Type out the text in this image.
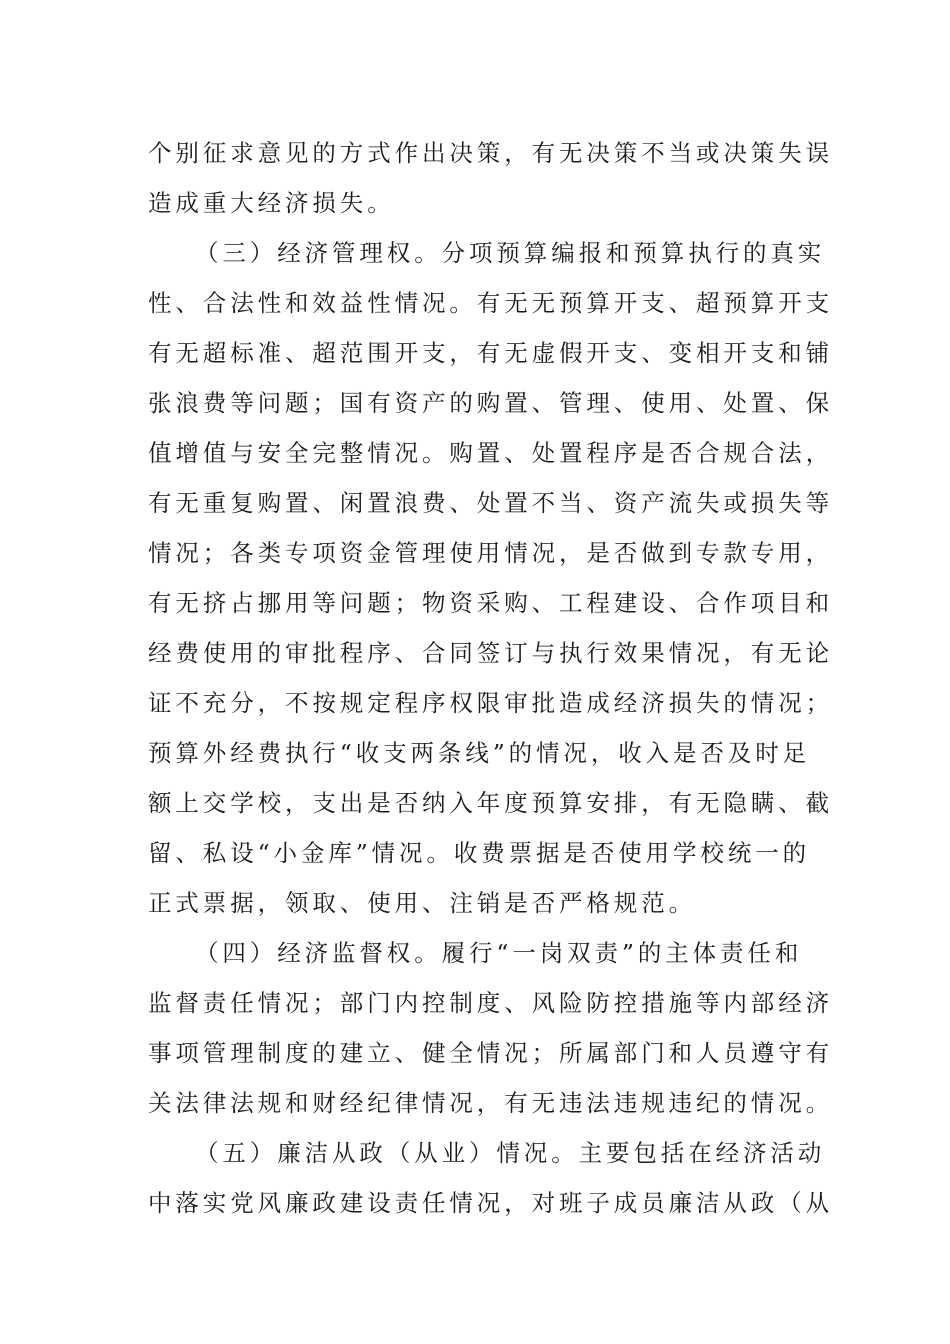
个别征求意见的方式作出决策，有无决策不当或决策失误
造成重大经济损失。
（三）经济管理权。分项预算编报和预算执行的真实
性、合法性和效益性情况。有无无预算开支、超预算开支
有无超标准、超范围开支，有无虚假开支、变相开支和铺
张浪费等问题；国有资产的购置、管理、使用、处置、保
值增值与安全完整情况。购置、处置程序是否合规合法，
有无重复购置、闲置浪费、处置不当、资产流失或损失等
情况；各类专项资金管理使用情况，是否做到专款专用，
有无挤占挪用等问题；物资采购、工程建设、合作项目和
经费使用的审批程序、合同签订与执行效果情况，有无论
证不充分，不按规定程序权限审批造成经济损失的情况；
预算外经费执行“收支两条线”的情况，收入是否及时足
额上交学校，支出是否纳入年度预算安排，有无隐瞒、截
留、私设“小金库”情况。收费票据是否使用学校统一的
正式票据，领取、使用、注销是否严格规范。
（四）经济监督权。履行“一岗双责”的主体责任和
监督责任情况；部门内控制度、风险防控措施等内部经济
事项管理制度的建立、健全情况；所属部门和人员遵守有
关法律法规和财经纪律情况，有无违法违规违纪的情况。
（五）廉洁从政（从业）情况。主要包括在经济活动
中落实党风廉政建设责任情况，对班子成员廉洁从政（从
